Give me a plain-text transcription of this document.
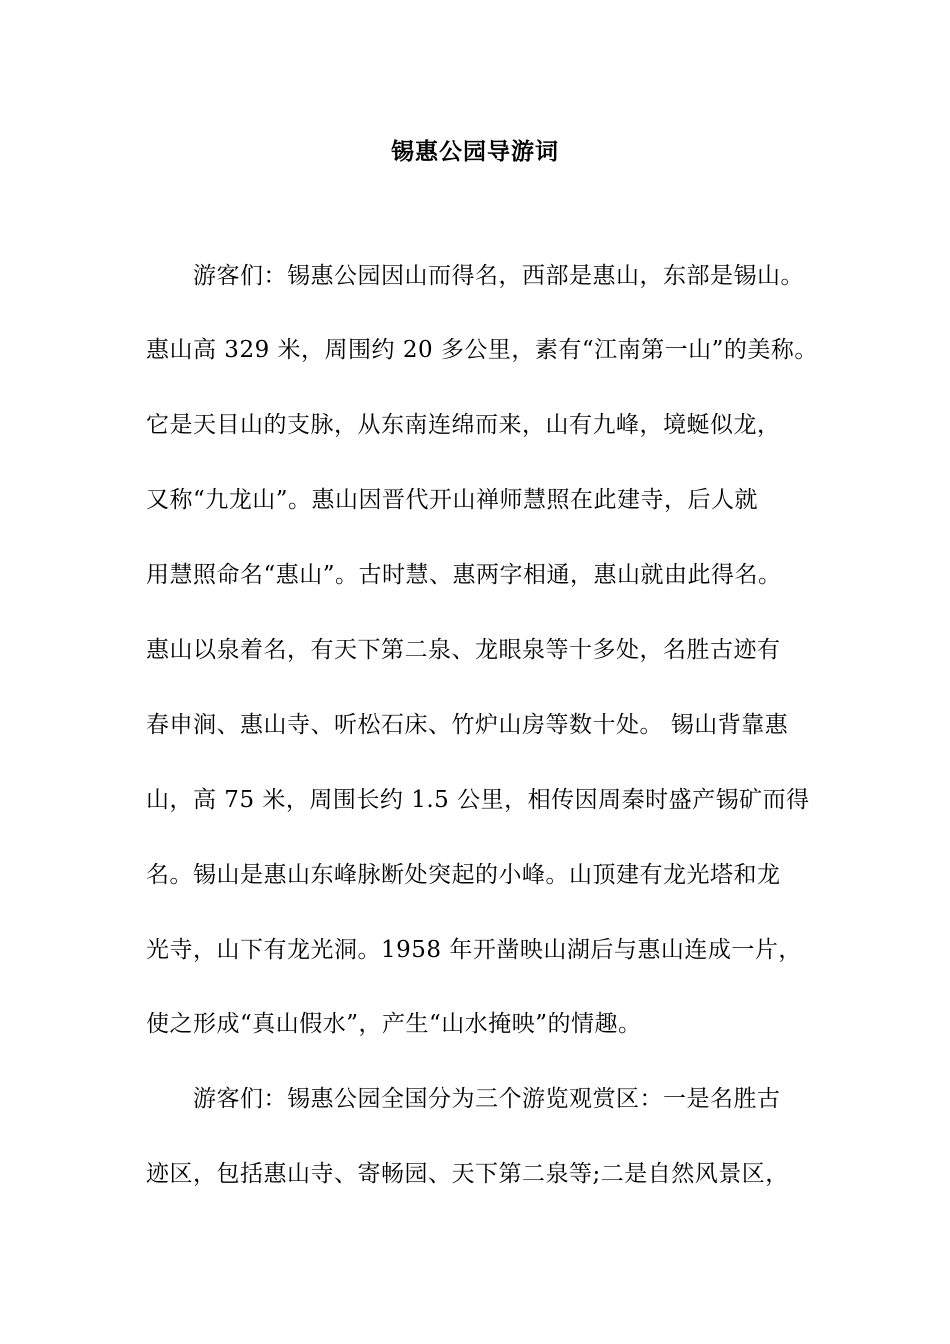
锡惠公园导游词
游客们：锡惠公园因山而得名，西部是惠山，东部是锡山。
惠山高 329 米，周围约 20 多公里，素有“江南第一山”的美称。
它是天目山的支脉，从东南连绵而来，山有九峰，境蜒似龙，
又称“九龙山”。惠山因晋代开山禅师慧照在此建寺，后人就
用慧照命名“惠山”。古时慧、惠两字相通，惠山就由此得名。
惠山以泉着名，有天下第二泉、龙眼泉等十多处，名胜古迹有
春申涧、惠山寺、听松石床、竹炉山房等数十处。 锡山背靠惠
山，高 75 米，周围长约 1.5 公里，相传因周秦时盛产锡矿而得
名。锡山是惠山东峰脉断处突起的小峰。山顶建有龙光塔和龙
光寺，山下有龙光洞。1958 年开凿映山湖后与惠山连成一片，
使之形成“真山假水”，产生“山水掩映”的情趣。
游客们：锡惠公园全国分为三个游览观赏区：一是名胜古
迹区，包括惠山寺、寄畅园、天下第二泉等;二是自然风景区，
